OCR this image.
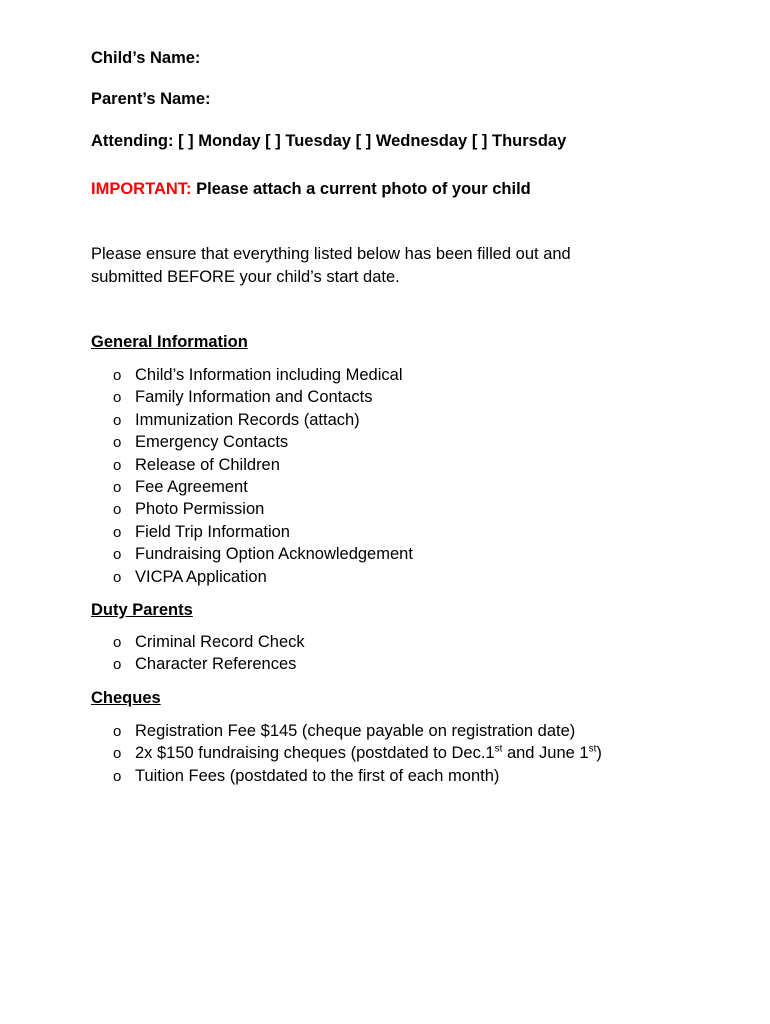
Child’s Name:
Parent’s Name:
Attending: [ ] Monday [ ] Tuesday [ ] Wednesday [ ] Thursday
IMPORTANT: Please attach a current photo of your child
Please ensure that everything listed below has been filled out and
submitted BEFORE your child’s start date.
General Information
o Child’s Information including Medical
o Family Information and Contacts
o Immunization Records (attach)
o Emergency Contacts
o Release of Children
o Fee Agreement
o Photo Permission
o Field Trip Information
o Fundraising Option Acknowledgement
o VICPA Application
Duty Parents
o Criminal Record Check
o Character References
Cheques
o Registration Fee $145 (cheque payable on registration date)
o 2x $150 fundraising cheques (postdated to Dec.1st and June 1st)
o Tuition Fees (postdated to the first of each month)
